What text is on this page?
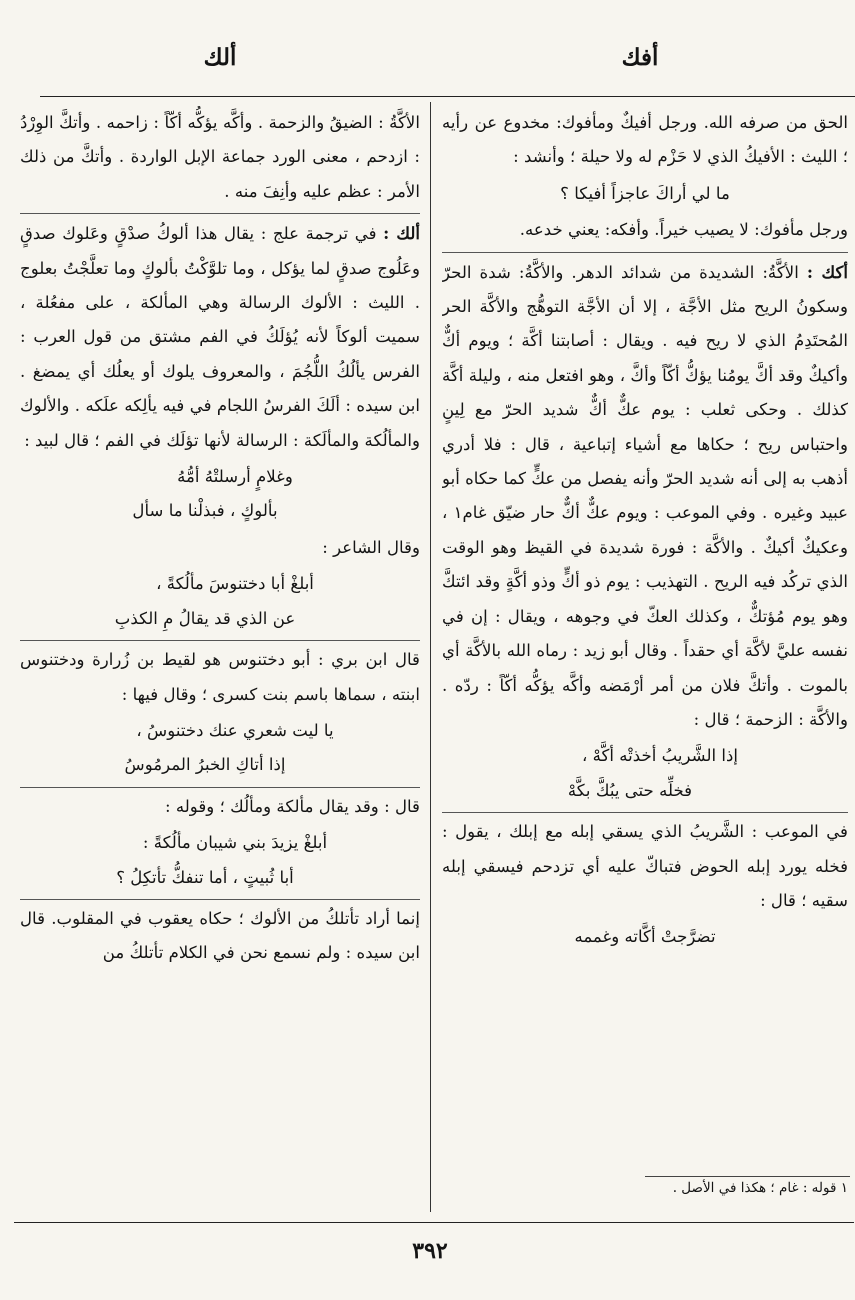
أفك
ألك

الحق من صرفه الله. ورجل أفيكٌ ومأفوك: مخدوع عن رأيه ؛ الليث : الأفيكُ الذي لا حَزْم له ولا حيلة ؛ وأنشد :

ما لي أراكَ عاجزاً أفيكا ؟

ورجل مأفوك: لا يصيب خيراً. وأفكه: يعني خدعه.

أكك : الأكَّةُ: الشديدة من شدائد الدهر. والأكَّةُ: شدة الحرّ وسكونُ الريح مثل الأجَّة ، إلا أن الأجَّة التوهُّج والأكَّة الحر المُحتَدِمُ الذي لا ريح فيه . ويقال : أصابتنا أكَّة ؛ ويوم أكٌّ وأكيكٌ وقد أكَّ يومُنا يؤكُّ أكّاً وأكَّ ، وهو افتعل منه ، وليلة أكَّة كذلك . وحكى ثعلب : يوم عكٌّ أكٌّ شديد الحرّ مع لِينٍ واحتباس ريح ؛ حكاها مع أشياء إتباعية ، قال : فلا أدري أذهب به إلى أنه شديد الحرّ وأنه يفصل من عكٍّ كما حكاه أبو عبيد وغيره . وفي الموعب : ويوم عكٌّ أكٌّ حار ضيّق غام١ ، وعكيكٌ أكيكٌ . والأكَّة : فورة شديدة في القيظ وهو الوقت الذي تركُد فيه الريح . التهذيب : يوم ذو أكٍّ وذو أكَّةٍ وقد ائتكَّ وهو يوم مُؤتكٌّ ، وكذلك العكّ في وجوهه ، ويقال : إن في نفسه عليَّ لأكَّة أي حقداً . وقال أبو زيد : رماه الله بالأكَّة أي بالموت . وأتكَّ فلان من أمر أرْمَضه وأكَّه يؤكُّه أكّاً : ردّه . والأكَّة : الزحمة ؛ قال :

إذا الشَّريبُ أخذتْه أكَّهْ ،
فخلِّه حتى يبُكَّ بكَّهْ

في الموعب : الشَّريبُ الذي يسقي إبله مع إبلك ، يقول : فخله يورد إبله الحوض فتباكّ عليه أي تزدحم فيسقي إبله سقيه ؛ قال :

تضرَّجتْ أكَّاته وغممه
١ قوله : غام ؛ هكذا في الأصل .

الأكَّةُ : الضيقُ والزحمة . وأكَّه يؤكُّه أكّاً : زاحمه . وأتكَّ الوِرْدُ : ازدحم ، معنى الورد جماعة الإبل الواردة . وأتكَّ من ذلك الأمر : عظم عليه وأنِفَ منه .

ألك : في ترجمة علج : يقال هذا ألوكُ صدْقٍ وعَلوك صدقٍ وعَلُوج صدقٍ لما يؤكل ، وما تلوَّكْتُ بألوكٍ وما تعلَّجْتُ بعلوج . الليث : الألوك الرسالة وهي المألكة ، على مفعُلة ، سميت ألوكاً لأنه يُؤلَكُ في الفم مشتق من قول العرب : الفرس يألُكُ اللُّجُمَ ، والمعروف يلوك أو يعلُك أي يمضغ . ابن سيده : ألَكَ الفرسُ اللجام في فيه يألِكه علَكه . والألوك والمألُكة والمألَكة : الرسالة لأنها تؤلَك في الفم ؛ قال لبيد :

وغلامٍ أرسلتْهُ أمُّهُ
بألوكٍ ، فبذلْنا ما سأل

وقال الشاعر :

أبلغْ أبا دختنوسَ مألُكةً ،
عن الذي قد يقالُ مِ الكذبِ

قال ابن بري : أبو دختنوس هو لقيط بن زُرارة ودختنوس ابنته ، سماها باسم بنت كسرى ؛ وقال فيها :

يا ليت شعري عنك دختنوسُ ،
إذا أتاكِ الخبرُ المرمُوسُ

قال : وقد يقال مألكة ومألُك ؛ وقوله :

أبلغْ يزيدَ بني شيبان مألُكةً :
أبا ثُبيتٍ ، أما تنفكُّ تأتكِلُ ؟

إنما أراد تأتلكُ من الألوك ؛ حكاه يعقوب في المقلوب. قال ابن سيده : ولم نسمع نحن في الكلام تأتلكُ من

٣٩٢
